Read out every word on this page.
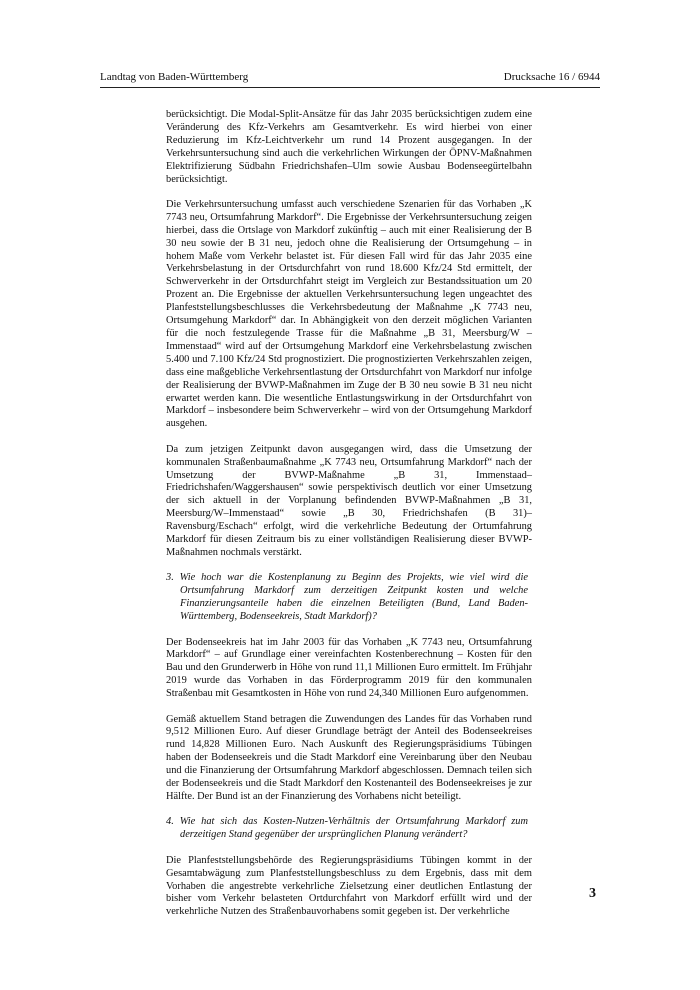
Landtag von Baden-Württemberg	Drucksache 16 / 6944

berücksichtigt. Die Modal-Split-Ansätze für das Jahr 2035 berücksichtigen zudem eine Veränderung des Kfz-Verkehrs am Gesamtverkehr. Es wird hierbei von einer Reduzierung im Kfz-Leichtverkehr um rund 14 Prozent ausgegangen. In der Verkehrsuntersuchung sind auch die verkehrlichen Wirkungen der ÖPNV-Maßnahmen Elektrifizierung Südbahn Friedrichshafen–Ulm sowie Ausbau Bodenseegürtelbahn berücksichtigt.

Die Verkehrsuntersuchung umfasst auch verschiedene Szenarien für das Vorhaben „K 7743 neu, Ortsumfahrung Markdorf“. Die Ergebnisse der Verkehrsuntersuchung zeigen hierbei, dass die Ortslage von Markdorf zukünftig – auch mit einer Realisierung der B 30 neu sowie der B 31 neu, jedoch ohne die Realisierung der Ortsumgehung – in hohem Maße vom Verkehr belastet ist. Für diesen Fall wird für das Jahr 2035 eine Verkehrsbelastung in der Ortsdurchfahrt von rund 18.600 Kfz/24 Std ermittelt, der Schwerverkehr in der Ortsdurchfahrt steigt im Vergleich zur Bestandssituation um 20 Prozent an. Die Ergebnisse der aktuellen Verkehrsuntersuchung legen ungeachtet des Planfeststellungsbeschlusses die Verkehrsbedeutung der Maßnahme „K 7743 neu, Ortsumgehung Markdorf“ dar. In Abhängigkeit von den derzeit möglichen Varianten für die noch festzulegende Trasse für die Maßnahme „B 31, Meersburg/W – Immenstaad“ wird auf der Ortsumgehung Markdorf eine Verkehrsbelastung zwischen 5.400 und 7.100 Kfz/24 Std prognostiziert. Die prognostizierten Verkehrszahlen zeigen, dass eine maßgebliche Verkehrsentlastung der Ortsdurchfahrt von Markdorf nur infolge der Realisierung der BVWP-Maßnahmen im Zuge der B 30 neu sowie B 31 neu nicht erwartet werden kann. Die wesentliche Entlastungswirkung in der Ortsdurchfahrt von Markdorf – insbesondere beim Schwerverkehr – wird von der Ortsumgehung Markdorf ausgehen.

Da zum jetzigen Zeitpunkt davon ausgegangen wird, dass die Umsetzung der kommunalen Straßenbaumaßnahme „K 7743 neu, Ortsumfahrung Markdorf“ nach der Umsetzung der BVWP-Maßnahme „B 31, Immenstaad–Friedrichshafen/Waggershausen“ sowie perspektivisch deutlich vor einer Umsetzung der sich aktuell in der Vorplanung befindenden BVWP-Maßnahmen „B 31, Meersburg/W–Immenstaad“ sowie „B 30, Friedrichshafen (B 31)–Ravensburg/Eschach“ erfolgt, wird die verkehrliche Bedeutung der Ortumfahrung Markdorf für diesen Zeitraum bis zu einer vollständigen Realisierung dieser BVWP-Maßnahmen nochmals verstärkt.

3. Wie hoch war die Kostenplanung zu Beginn des Projekts, wie viel wird die Ortsumfahrung Markdorf zum derzeitigen Zeitpunkt kosten und welche Finanzierungsanteile haben die einzelnen Beteiligten (Bund, Land Baden-Württemberg, Bodenseekreis, Stadt Markdorf)?

Der Bodenseekreis hat im Jahr 2003 für das Vorhaben „K 7743 neu, Ortsumfahrung Markdorf“ – auf Grundlage einer vereinfachten Kostenberechnung – Kosten für den Bau und den Grunderwerb in Höhe von rund 11,1 Millionen Euro ermittelt. Im Frühjahr 2019 wurde das Vorhaben in das Förderprogramm 2019 für den kommunalen Straßenbau mit Gesamtkosten in Höhe von rund 24,340 Millionen Euro aufgenommen.

Gemäß aktuellem Stand betragen die Zuwendungen des Landes für das Vorhaben rund 9,512 Millionen Euro. Auf dieser Grundlage beträgt der Anteil des Bodenseekreises rund 14,828 Millionen Euro. Nach Auskunft des Regierungspräsidiums Tübingen haben der Bodenseekreis und die Stadt Markdorf eine Vereinbarung über den Neubau und die Finanzierung der Ortsumfahrung Markdorf abgeschlossen. Demnach teilen sich der Bodenseekreis und die Stadt Markdorf den Kostenanteil des Bodenseekreises je zur Hälfte. Der Bund ist an der Finanzierung des Vorhabens nicht beteiligt.

4. Wie hat sich das Kosten-Nutzen-Verhältnis der Ortsumfahrung Markdorf zum derzeitigen Stand gegenüber der ursprünglichen Planung verändert?

Die Planfeststellungsbehörde des Regierungspräsidiums Tübingen kommt in der Gesamtabwägung zum Planfeststellungsbeschluss zu dem Ergebnis, dass mit dem Vorhaben die angestrebte verkehrliche Zielsetzung einer deutlichen Entlastung der bisher vom Verkehr belasteten Ortdurchfahrt von Markdorf erfüllt wird und der verkehrliche Nutzen des Straßenbauvorhabens somit gegeben ist. Der verkehrliche

3
